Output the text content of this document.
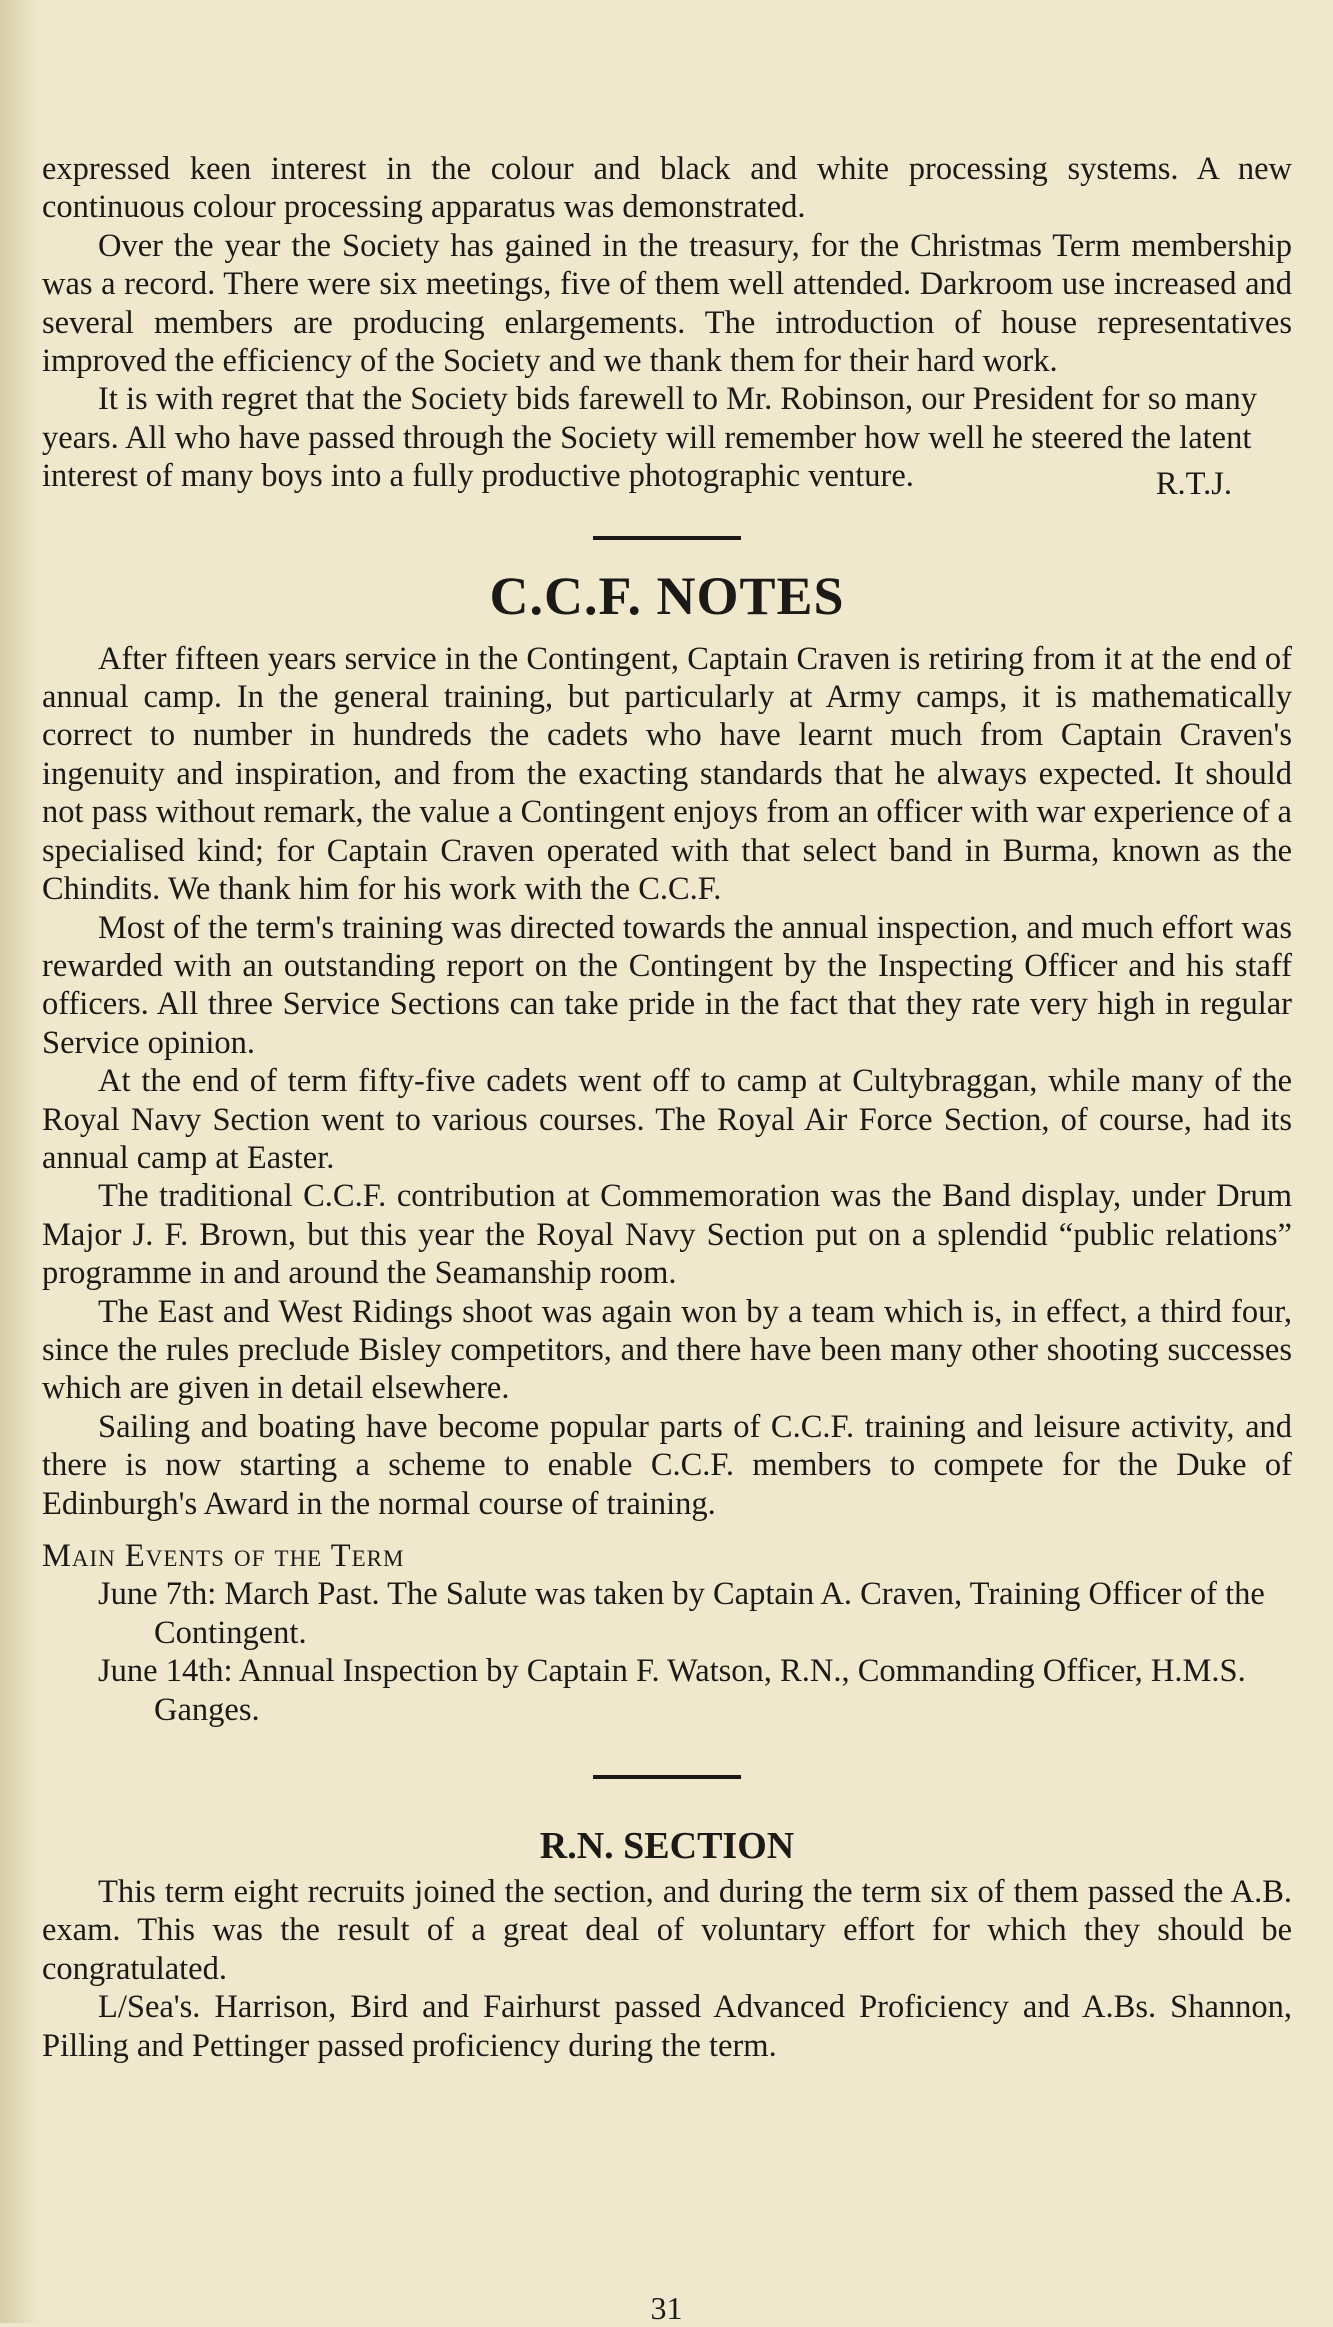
expressed keen interest in the colour and black and white processing systems. A new continuous colour processing apparatus was demonstrated.

Over the year the Society has gained in the treasury, for the Christmas Term membership was a record. There were six meetings, five of them well attended. Darkroom use increased and several members are producing enlargements. The introduction of house representatives improved the efficiency of the Society and we thank them for their hard work.

It is with regret that the Society bids farewell to Mr. Robinson, our President for so many years. All who have passed through the Society will remember how well he steered the latent interest of many boys into a fully productive photographic venture.	R.T.J.
C.C.F. NOTES

After fifteen years service in the Contingent, Captain Craven is retiring from it at the end of annual camp. In the general training, but particularly at Army camps, it is mathematically correct to number in hundreds the cadets who have learnt much from Captain Craven's ingenuity and inspiration, and from the exacting standards that he always expected. It should not pass without remark, the value a Contingent enjoys from an officer with war experience of a specialised kind; for Captain Craven operated with that select band in Burma, known as the Chindits. We thank him for his work with the C.C.F.

Most of the term's training was directed towards the annual inspection, and much effort was rewarded with an outstanding report on the Contingent by the Inspecting Officer and his staff officers. All three Service Sections can take pride in the fact that they rate very high in regular Service opinion.

At the end of term fifty-five cadets went off to camp at Cultybraggan, while many of the Royal Navy Section went to various courses. The Royal Air Force Section, of course, had its annual camp at Easter.

The traditional C.C.F. contribution at Commemoration was the Band display, under Drum Major J. F. Brown, but this year the Royal Navy Section put on a splendid “public relations” programme in and around the Seamanship room.

The East and West Ridings shoot was again won by a team which is, in effect, a third four, since the rules preclude Bisley competitors, and there have been many other shooting successes which are given in detail elsewhere.

Sailing and boating have become popular parts of C.C.F. training and leisure activity, and there is now starting a scheme to enable C.C.F. members to compete for the Duke of Edinburgh's Award in the normal course of training.

Main Events of the Term

June 7th: March Past. The Salute was taken by Captain A. Craven, Training Officer of the Contingent.

June 14th: Annual Inspection by Captain F. Watson, R.N., Commanding Officer, H.M.S. Ganges.

R.N. SECTION

This term eight recruits joined the section, and during the term six of them passed the A.B. exam. This was the result of a great deal of voluntary effort for which they should be congratulated.

L/Sea's. Harrison, Bird and Fairhurst passed Advanced Proficiency and A.Bs. Shannon, Pilling and Pettinger passed proficiency during the term.

31
